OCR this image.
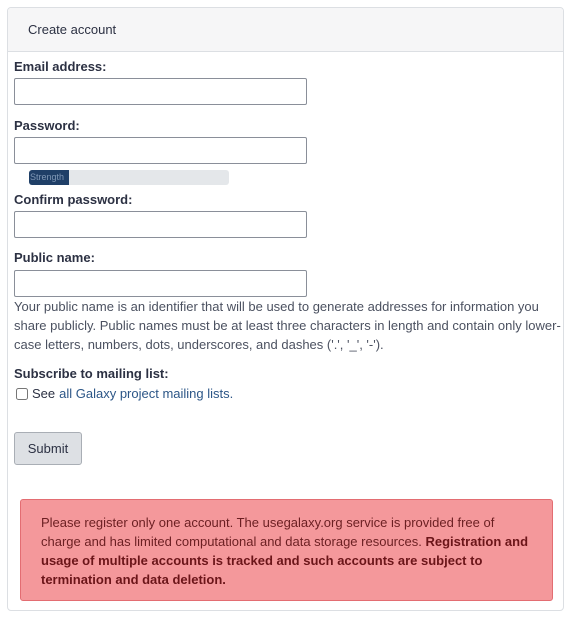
Create account
Email address:
Password:
Strength
Confirm password:
Public name:
Your public name is an identifier that will be used to generate addresses for information you share publicly. Public names must be at least three characters in length and contain only lower-case letters, numbers, dots, underscores, and dashes ('.', '_', '-').
Subscribe to mailing list:
See all Galaxy project mailing lists.
Submit
Please register only one account. The usegalaxy.org service is provided free of charge and has limited computational and data storage resources. Registration and usage of multiple accounts is tracked and such accounts are subject to termination and data deletion.
